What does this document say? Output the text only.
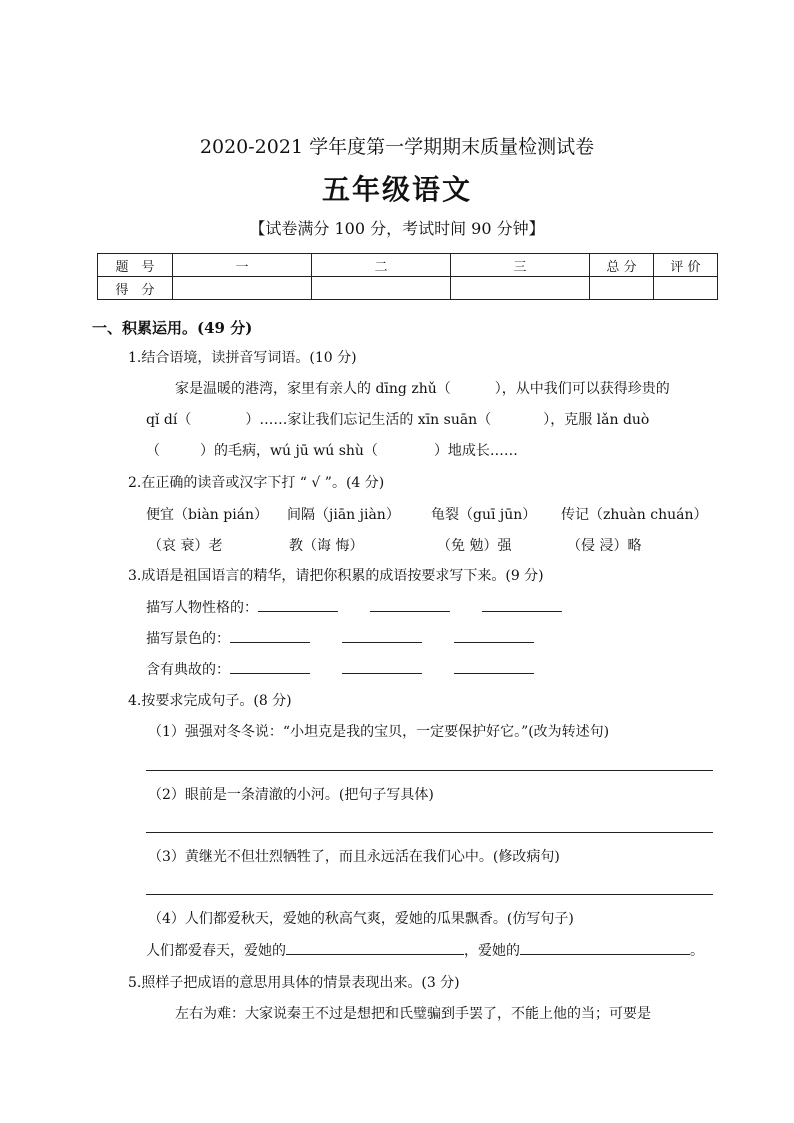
2020-2021 学年度第一学期期末质量检测试卷
五年级语文
【试卷满分 100 分，考试时间 90 分钟】
题　号	一	二	三	总 分	评 价
得　分					
一、积累运用。(49 分)
1.结合语境，读拼音写词语。(10 分)
家是温暖的港湾，家里有亲人的 dīng zhǔ（	），从中我们可以获得珍贵的
qǐ dí（	）……家让我们忘记生活的 xīn suān（	），克服 lǎn duò
（	）的毛病，wú jū wú shù（	）地成长……
2.在正确的读音或汉字下打 “ √ ”。(4 分)
便宜（biàn pián） 间隔（jiān jiàn） 龟裂（guī jūn） 传记（zhuàn chuán）
（哀 衰）老	教（诲 悔）	（免 勉）强	（侵 浸）略
3.成语是祖国语言的精华，请把你积累的成语按要求写下来。(9 分)
描写人物性格的：
描写景色的：
含有典故的：
4.按要求完成句子。(8 分)
（1）强强对冬冬说：“小坦克是我的宝贝，一定要保护好它。”(改为转述句)
（2）眼前是一条清澈的小河。(把句子写具体)
（3）黄继光不但壮烈牺牲了，而且永远活在我们心中。(修改病句)
（4）人们都爱秋天，爱她的秋高气爽，爱她的瓜果飘香。(仿写句子)
人们都爱春天，爱她的	，爱她的	。
5.照样子把成语的意思用具体的情景表现出来。(3 分)
左右为难：大家说秦王不过是想把和氏璧骗到手罢了，不能上他的当；可要是
